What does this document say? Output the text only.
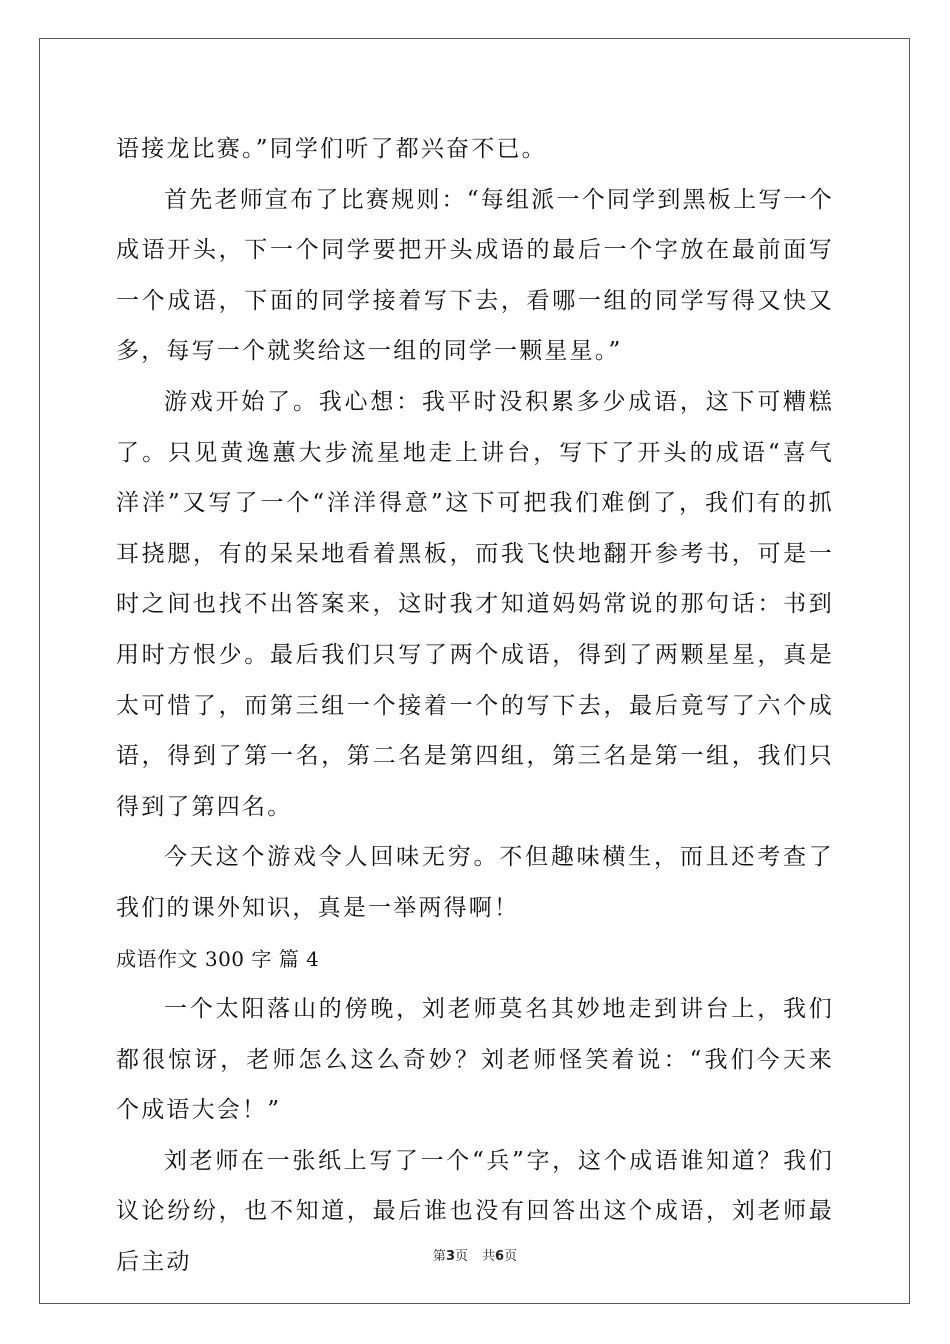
语接龙比赛。”同学们听了都兴奋不已。

首先老师宣布了比赛规则：“每组派一个同学到黑板上写一个成语开头，下一个同学要把开头成语的最后一个字放在最前面写一个成语，下面的同学接着写下去，看哪一组的同学写得又快又多，每写一个就奖给这一组的同学一颗星星。”

游戏开始了。我心想：我平时没积累多少成语，这下可糟糕了。只见黄逸蕙大步流星地走上讲台，写下了开头的成语“喜气洋洋”又写了一个“洋洋得意”这下可把我们难倒了，我们有的抓耳挠腮，有的呆呆地看着黑板，而我飞快地翻开参考书，可是一时之间也找不出答案来，这时我才知道妈妈常说的那句话：书到用时方恨少。最后我们只写了两个成语，得到了两颗星星，真是太可惜了，而第三组一个接着一个的写下去，最后竟写了六个成语，得到了第一名，第二名是第四组，第三名是第一组，我们只得到了第四名。

今天这个游戏令人回味无穷。不但趣味横生，而且还考查了我们的课外知识，真是一举两得啊！

成语作文 300 字 篇 4

一个太阳落山的傍晚，刘老师莫名其妙地走到讲台上，我们都很惊讶，老师怎么这么奇妙？刘老师怪笑着说：“我们今天来个成语大会！”

刘老师在一张纸上写了一个“兵”字，这个成语谁知道？我们议论纷纷，也不知道，最后谁也没有回答出这个成语，刘老师最后主动	第3页 共6页
